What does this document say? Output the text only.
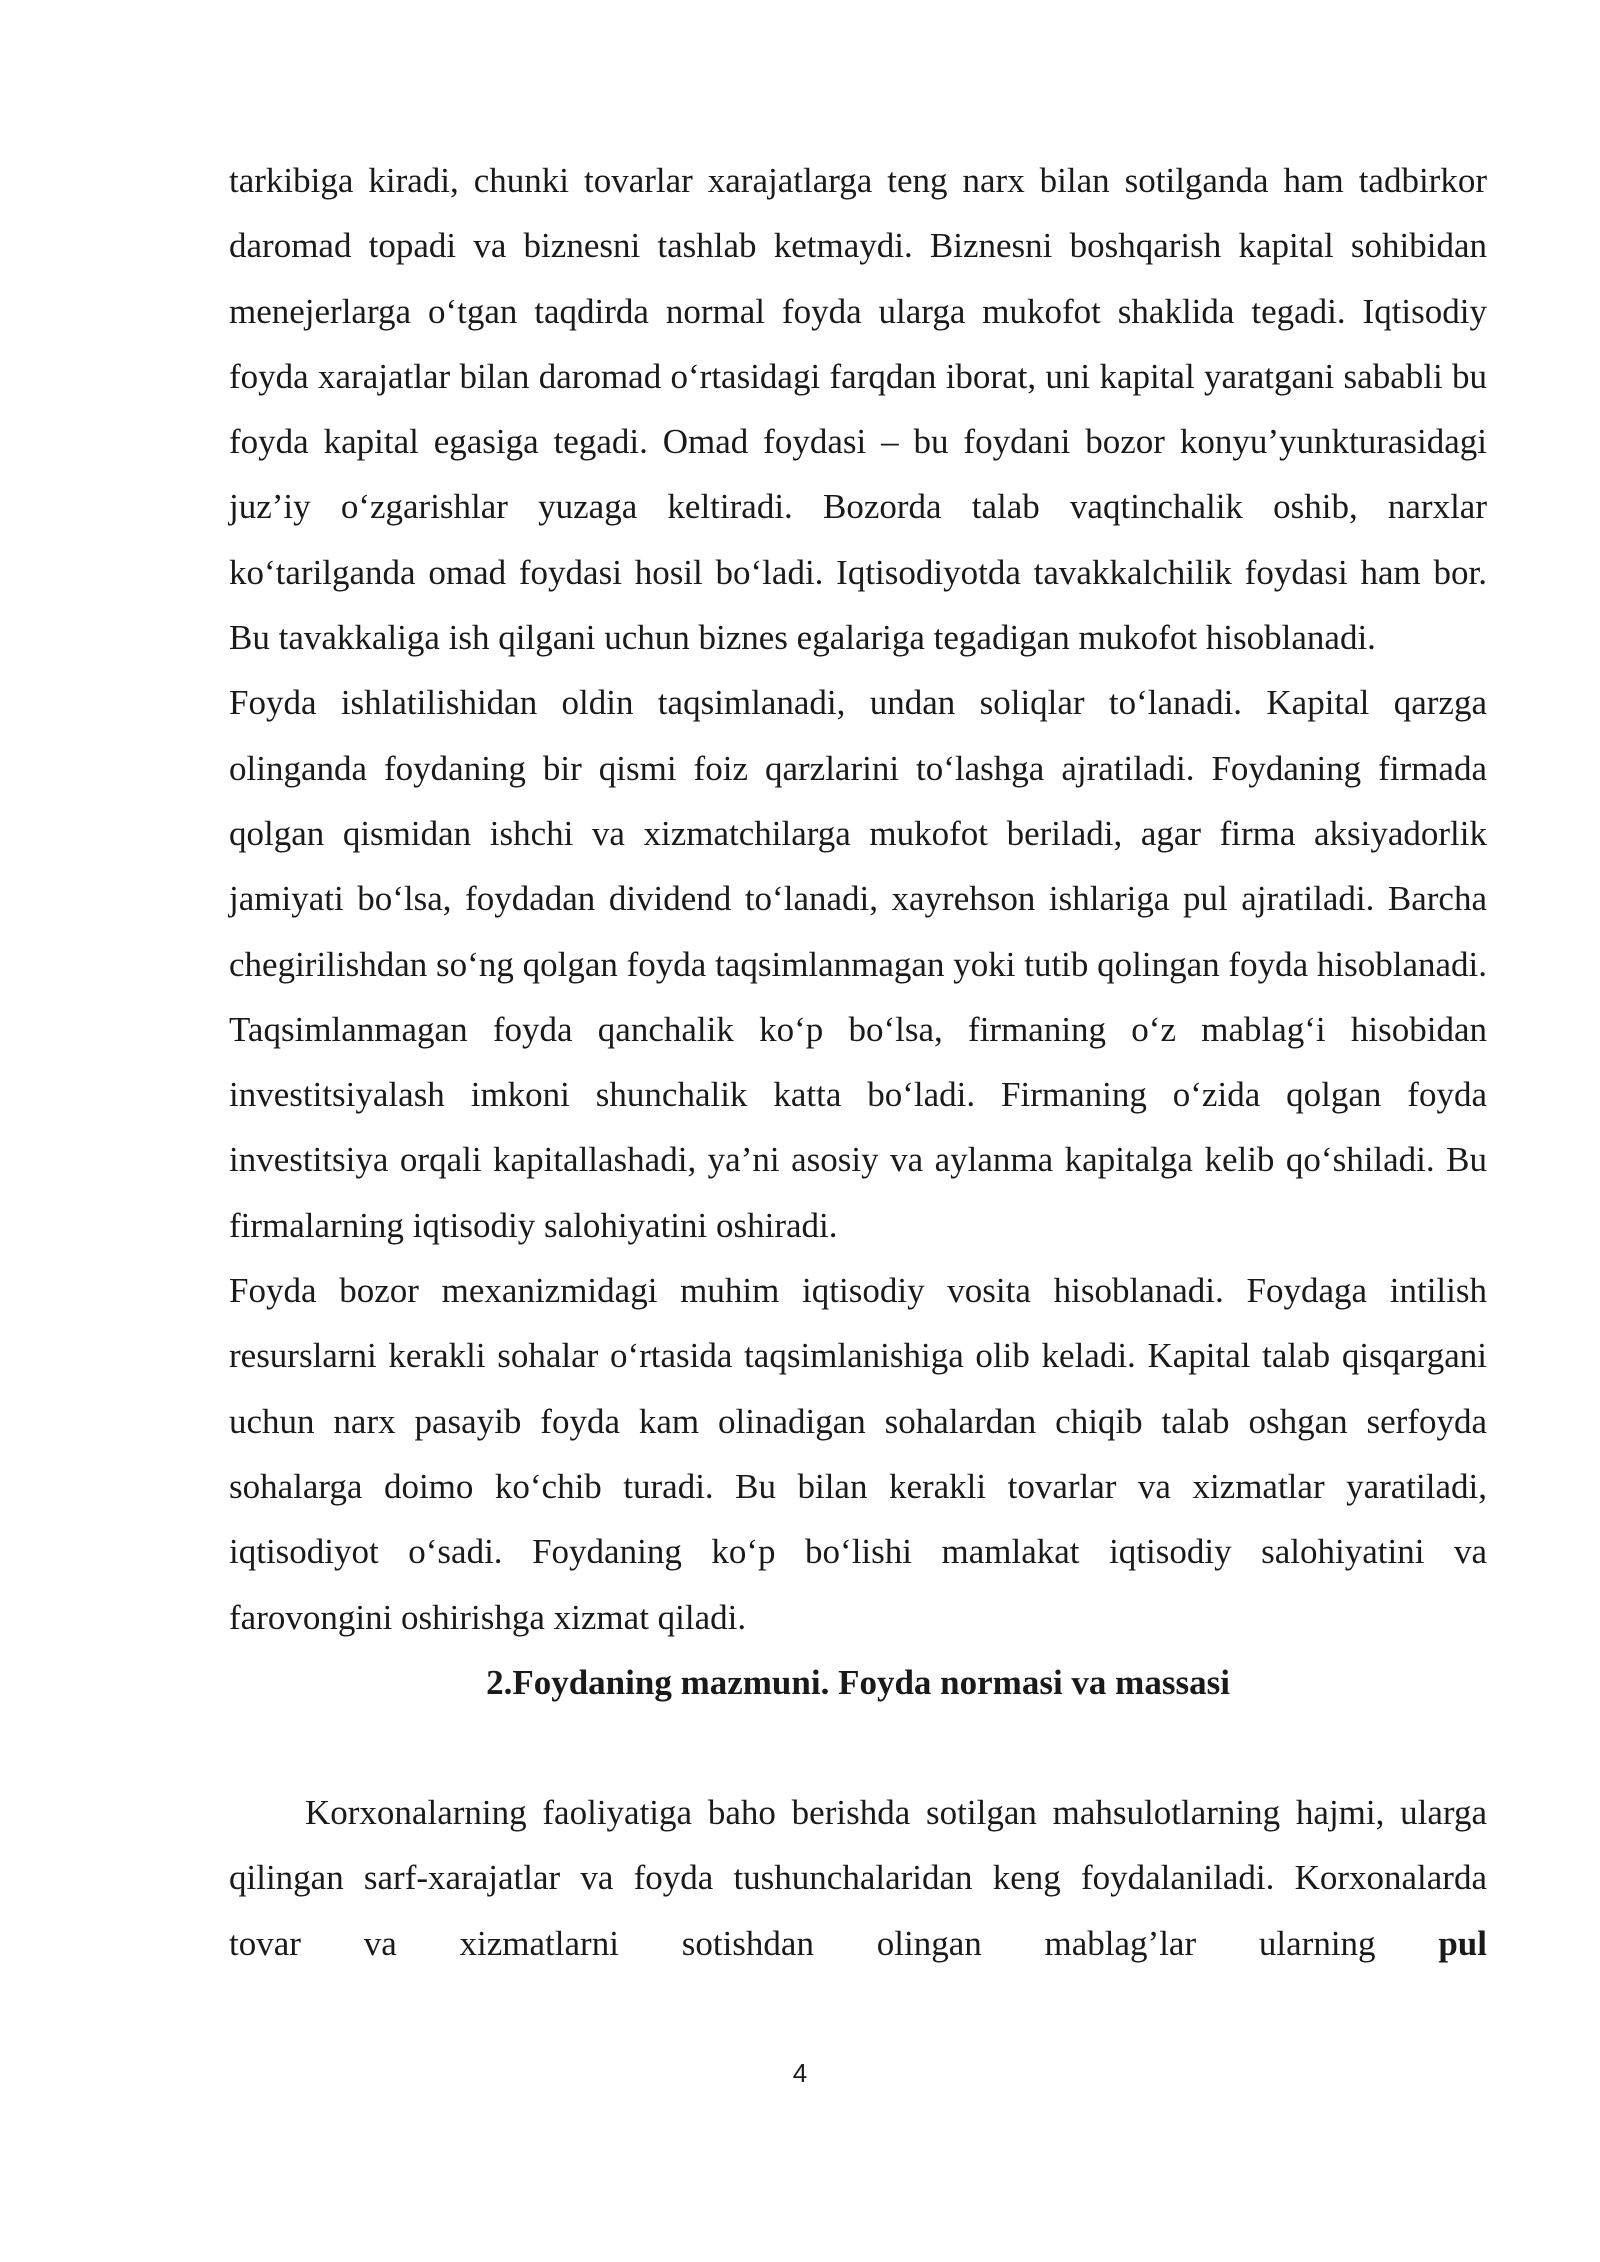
tarkibiga kiradi, chunki tovarlar xarajatlarga teng narx bilan sotilganda ham tadbirkor daromad topadi va biznesni tashlab ketmaydi. Biznesni boshqarish kapital sohibidan menejerlarga o‘tgan taqdirda normal foyda ularga mukofot shaklida tegadi. Iqtisodiy foyda xarajatlar bilan daromad o‘rtasidagi farqdan iborat, uni kapital yaratgani sababli bu foyda kapital egasiga tegadi. Omad foydasi – bu foydani bozor konyu’yunkturasidagi juz’iy o‘zgarishlar yuzaga keltiradi. Bozorda talab vaqtinchalik oshib, narxlar ko‘tarilganda omad foydasi hosil bo‘ladi. Iqtisodiyotda tavakkalchilik foydasi ham bor. Bu tavakkaliga ish qilgani uchun biznes egalariga tegadigan mukofot hisoblanadi.

Foyda ishlatilishidan oldin taqsimlanadi, undan soliqlar to‘lanadi. Kapital qarzga olinganda foydaning bir qismi foiz qarzlarini to‘lashga ajratiladi. Foydaning firmada qolgan qismidan ishchi va xizmatchilarga mukofot beriladi, agar firma aksiyadorlik jamiyati bo‘lsa, foydadan dividend to‘lanadi, xayrehson ishlariga pul ajratiladi. Barcha chegirilishdan so‘ng qolgan foyda taqsimlanmagan yoki tutib qolingan foyda hisoblanadi. Taqsimlanmagan foyda qanchalik ko‘p bo‘lsa, firmaning o‘z mablag‘i hisobidan investitsiyalash imkoni shunchalik katta bo‘ladi. Firmaning o‘zida qolgan foyda investitsiya orqali kapitallashadi, ya’ni asosiy va aylanma kapitalga kelib qo‘shiladi. Bu firmalarning iqtisodiy salohiyatini oshiradi.

Foyda bozor mexanizmidagi muhim iqtisodiy vosita hisoblanadi. Foydaga intilish resurslarni kerakli sohalar o‘rtasida taqsimlanishiga olib keladi. Kapital talab qisqargani uchun narx pasayib foyda kam olinadigan sohalardan chiqib talab oshgan serfoyda sohalarga doimo ko‘chib turadi. Bu bilan kerakli tovarlar va xizmatlar yaratiladi, iqtisodiyot o‘sadi. Foydaning ko‘p bo‘lishi mamlakat iqtisodiy salohiyatini va farovongini oshirishga xizmat qiladi.

2.Foydaning mazmuni. Foyda normasi va massasi

Korxonalarning faoliyatiga baho berishda sotilgan mahsulotlarning hajmi, ularga qilingan sarf-xarajatlar va foyda tushunchalaridan keng foydalaniladi. Korxonalarda tovar va xizmatlarni sotishdan olingan mablag’lar ularning pul

4
